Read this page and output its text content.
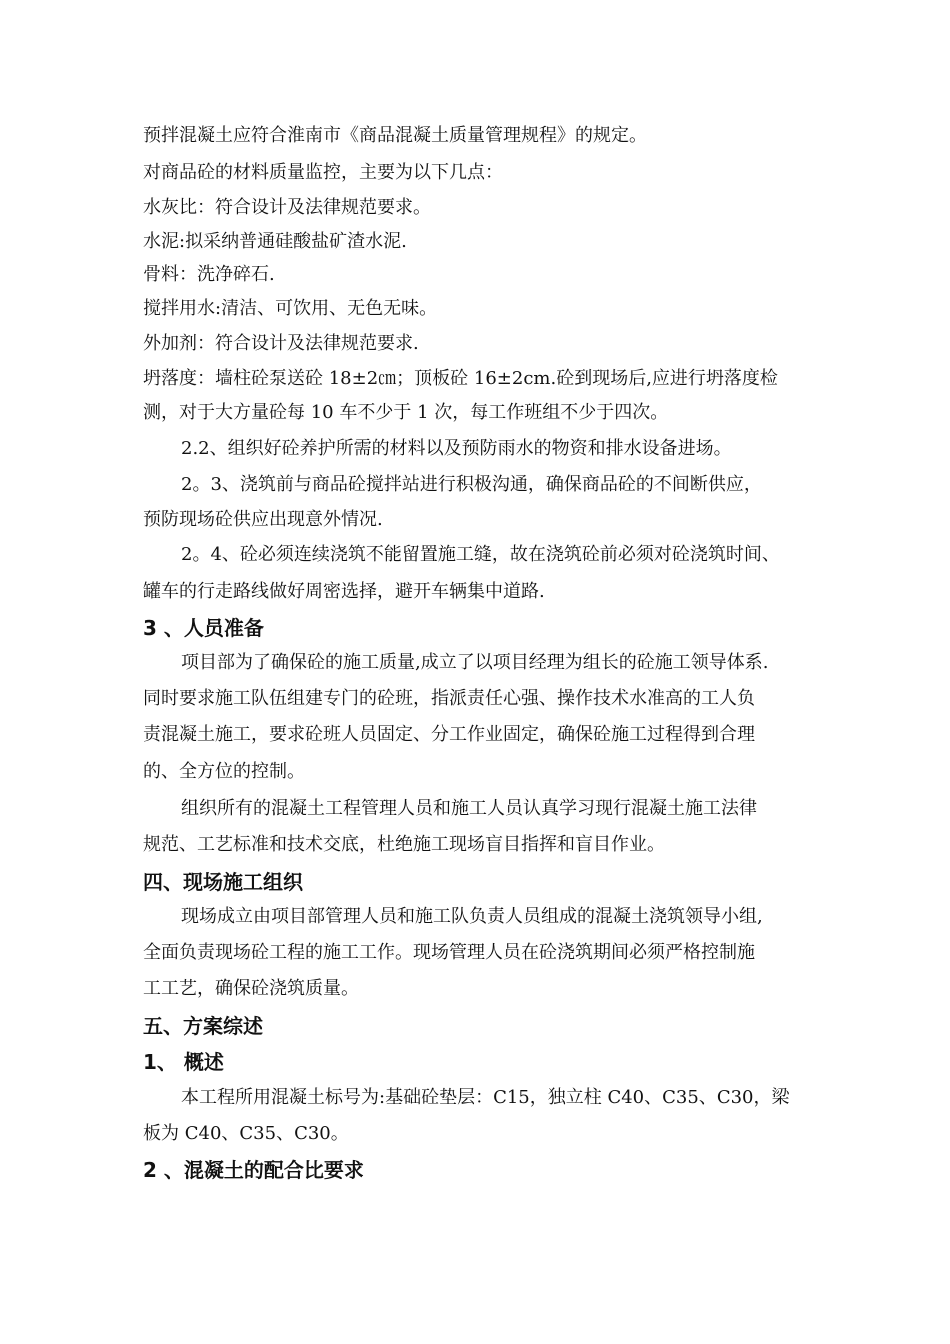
预拌混凝土应符合淮南市《商品混凝土质量管理规程》的规定。
对商品砼的材料质量监控，主要为以下几点：
水灰比：符合设计及法律规范要求。
水泥:拟采纳普通硅酸盐矿渣水泥.
骨料：洗净碎石.
搅拌用水:清洁、可饮用、无色无味。
外加剂：符合设计及法律规范要求.
坍落度：墙柱砼泵送砼 18±2㎝；顶板砼 16±2cm.砼到现场后,应进行坍落度检
测，对于大方量砼每 10 车不少于 1 次，每工作班组不少于四次。
2.2、组织好砼养护所需的材料以及预防雨水的物资和排水设备进场。
2。3、浇筑前与商品砼搅拌站进行积极沟通，确保商品砼的不间断供应，
预防现场砼供应出现意外情况.
2。4、砼必须连续浇筑不能留置施工缝，故在浇筑砼前必须对砼浇筑时间、
罐车的行走路线做好周密选择，避开车辆集中道路.
3 、人员准备
项目部为了确保砼的施工质量,成立了以项目经理为组长的砼施工领导体系.
同时要求施工队伍组建专门的砼班，指派责任心强、操作技术水准高的工人负
责混凝土施工，要求砼班人员固定、分工作业固定，确保砼施工过程得到合理
的、全方位的控制。
组织所有的混凝土工程管理人员和施工人员认真学习现行混凝土施工法律
规范、工艺标准和技术交底，杜绝施工现场盲目指挥和盲目作业。
四、现场施工组织
现场成立由项目部管理人员和施工队负责人员组成的混凝土浇筑领导小组,
全面负责现场砼工程的施工工作。现场管理人员在砼浇筑期间必须严格控制施
工工艺，确保砼浇筑质量。
五、方案综述
1、 概述
本工程所用混凝土标号为:基础砼垫层：C15，独立柱 C40、C35、C30，梁
板为 C40、C35、C30。
2 、混凝土的配合比要求
